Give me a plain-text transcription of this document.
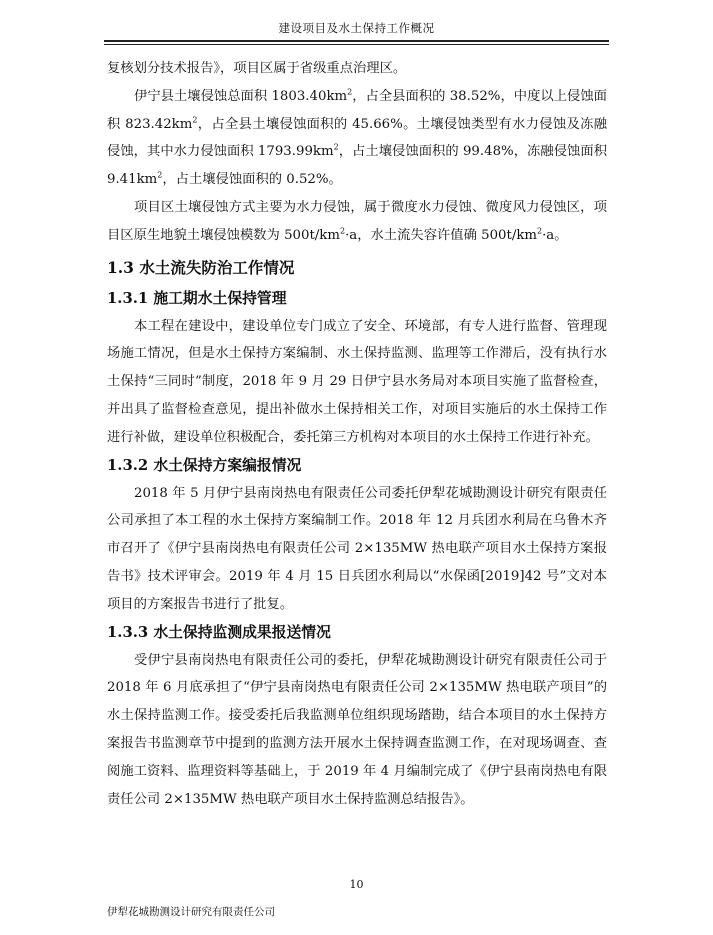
建设项目及水土保持工作概况

复核划分技术报告》，项目区属于省级重点治理区。

伊宁县土壤侵蚀总面积 $1803.40km^2$，占全县面积的 38.52%，中度以上侵蚀面积 $823.42km^2$，占全县土壤侵蚀面积的 45.66%。土壤侵蚀类型有水力侵蚀及冻融侵蚀，其中水力侵蚀面积 $1793.99km^2$，占土壤侵蚀面积的 99.48%，冻融侵蚀面积 $9.41km^2$，占土壤侵蚀面积的 0.52%。

项目区土壤侵蚀方式主要为水力侵蚀，属于微度水力侵蚀、微度风力侵蚀区，项目区原生地貌土壤侵蚀模数为 $500t/km^2\cdot a$，水土流失容许值确 $500t/km^2\cdot a$。

1.3 水土流失防治工作情况
1.3.1 施工期水土保持管理

本工程在建设中，建设单位专门成立了安全、环境部，有专人进行监督、管理现场施工情况，但是水土保持方案编制、水土保持监测、监理等工作滞后，没有执行水土保持“三同时”制度，2018 年 9 月 29 日伊宁县水务局对本项目实施了监督检查，并出具了监督检查意见，提出补做水土保持相关工作，对项目实施后的水土保持工作进行补做，建设单位积极配合，委托第三方机构对本项目的水土保持工作进行补充。

1.3.2 水土保持方案编报情况

2018 年 5 月伊宁县南岗热电有限责任公司委托伊犁花城勘测设计研究有限责任公司承担了本工程的水土保持方案编制工作。2018 年 12 月兵团水利局在乌鲁木齐市召开了《伊宁县南岗热电有限责任公司 2×135MW 热电联产项目水土保持方案报告书》技术评审会。2019 年 4 月 15 日兵团水利局以“水保函[2019]42 号”文对本项目的方案报告书进行了批复。

1.3.3 水土保持监测成果报送情况

受伊宁县南岗热电有限责任公司的委托，伊犁花城勘测设计研究有限责任公司于 2018 年 6 月底承担了“伊宁县南岗热电有限责任公司 2×135MW 热电联产项目”的水土保持监测工作。接受委托后我监测单位组织现场踏勘，结合本项目的水土保持方案报告书监测章节中提到的监测方法开展水土保持调查监测工作，在对现场调查、查阅施工资料、监理资料等基础上，于 2019 年 4 月编制完成了《伊宁县南岗热电有限责任公司 2×135MW 热电联产项目水土保持监测总结报告》。

10
伊犁花城勘测设计研究有限责任公司
